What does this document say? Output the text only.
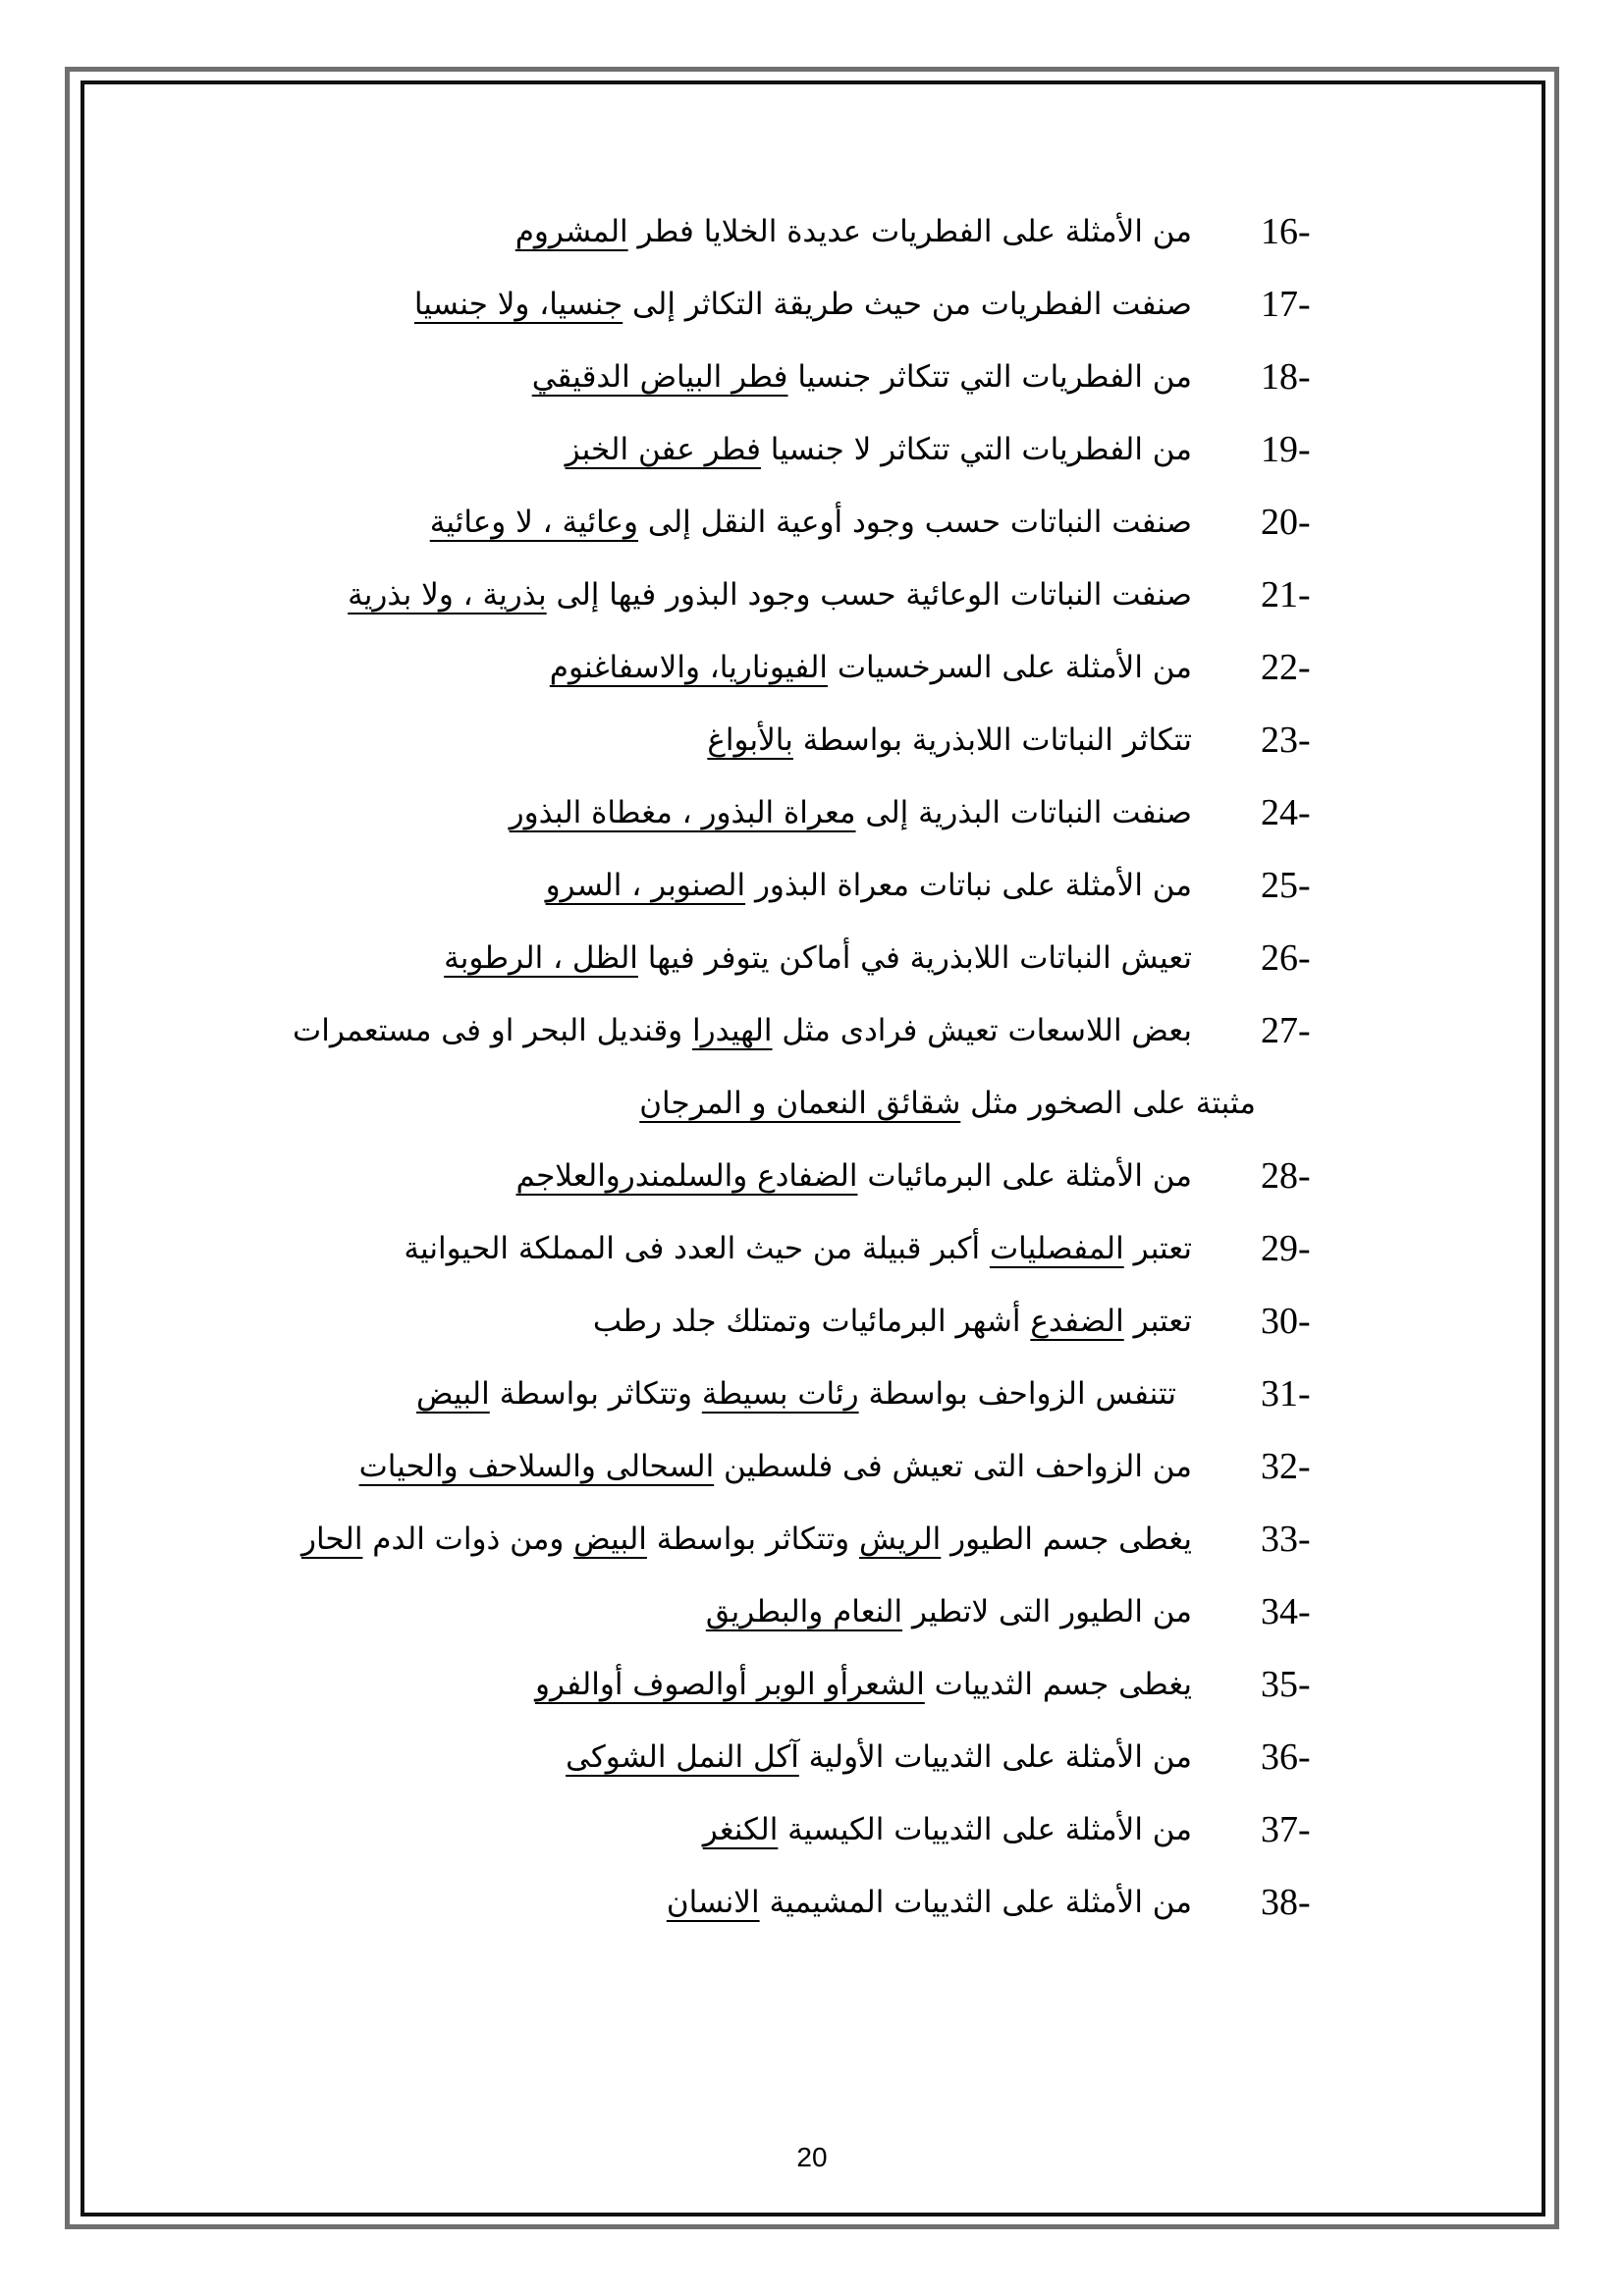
من الأمثلة على الفطريات عديدة الخلايا فطر المشروم	16-
صنفت الفطريات من حيث طريقة التكاثر إلى جنسيا، ولا جنسيا	17-
من الفطريات التي تتكاثر جنسيا فطر البياض الدقيقي	18-
من الفطريات التي تتكاثر لا جنسيا فطر عفن الخبز	19-
صنفت النباتات حسب وجود أوعية النقل إلى وعائية ، لا وعائية	20-
صنفت النباتات الوعائية حسب وجود البذور فيها إلى بذرية ، ولا بذرية	21-
من الأمثلة على السرخسيات الفيوناريا، والاسفاغنوم	22-
تتكاثر النباتات اللابذرية بواسطة بالأبواغ	23-
صنفت النباتات البذرية إلى معراة البذور ، مغطاة البذور	24-
من الأمثلة على نباتات معراة البذور الصنوبر ، السرو	25-
تعيش النباتات اللابذرية في أماكن يتوفر فيها الظل ، الرطوبة	26-
بعض اللاسعات تعيش فرادى مثل الهيدرا وقنديل البحر او فى مستعمرات	27-
مثبتة على الصخور مثل شقائق النعمان و المرجان
من الأمثلة على البرمائيات الضفادع والسلمندروالعلاجم	28-
تعتبر المفصليات أكبر قبيلة من حيث العدد فى المملكة الحيوانية	29-
تعتبر الضفدع أشهر البرمائيات وتمتلك جلد رطب	30-
تتنفس الزواحف بواسطة رئات بسيطة وتتكاثر بواسطة البيض	31-
من الزواحف التى تعيش فى فلسطين السحالى والسلاحف والحيات	32-
يغطى جسم الطيور الريش وتتكاثر بواسطة البيض ومن ذوات الدم الحار	33-
من الطيور التى لاتطير النعام والبطريق	34-
يغطى جسم الثدييات الشعرأو الوبر أوالصوف أوالفرو	35-
من الأمثلة على الثدييات الأولية آكل النمل الشوكى	36-
من الأمثلة على الثدييات الكيسية الكنغر	37-
من الأمثلة على الثدييات المشيمية الانسان	38-
20
